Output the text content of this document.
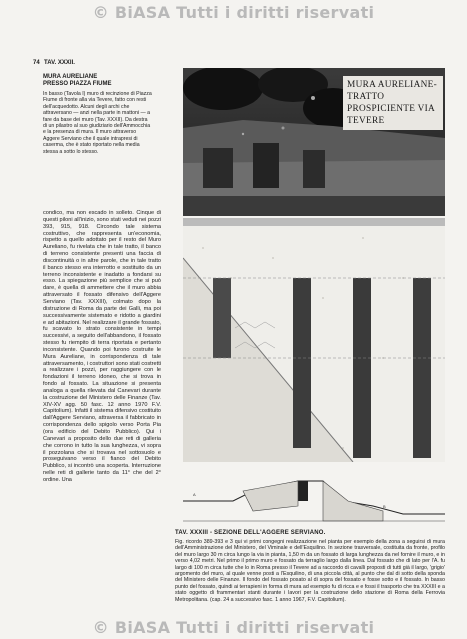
© BiASA Tutti i diritti riservati
74 TAV. XXXII.
MURA AURELIANE
PRESSO PIAZZA FIUME
In basso (Tavola I) muro di recinzione di Piazza Fiume di fronte alla via Tevere, fatto con resti dell'acquedotto. Alcuni degli archi che attraversano — anzi nella parte in mattoni — a fare da base dei muro (Tav. XXXII). Da destra di un pilastro al suo giudiziario dell'Ammocchia e la presenza di mura. Il muro attraverso Aggere Serviano che il quale intrapresi di caserma, che è stato riportato nella media stessa a sotto lo stesso.
condico, ma non escado in solleto. Cinque di questi piloni all'inizio, sono stati veduti nei pozzi 393, 915, 918. Circondo tale sistema costruttivo, che rappresenta un'economia, rispetto a quello adottato per il resto del Muro Aureliano, fu rivelata che in tale tratto, il banco di terreno consistente presenti una faccia di discontinuità o in altre parole, che in tale tratto il banco stesso era interrotto e sostituito da un terreno inconsistente e inadatto a fondarsi su esso. La spiegazione più semplice che si può dare, è quella di ammettere che il muro abbia attraversato il fossato difensivo dell'Aggere Serviano (Tav. XXXIII), colmato dopo la distruzione di Roma da parte dei Galli, ma poi successivamente sistemato e ridotto a giardini e ad abitazioni. Nel realizzare il grande fossato, fu scavato lo strato consistente in tempi successivi, a seguito dell'abbandono, il fossato stesso fu riempito di terra riportata e pertanto inconsistente. Quando poi furono costruite le Mura Aureliane, in corrispondenza di tale attraversamento, i costruttori sono stati costretti a realizzare i pozzi, per raggiungere con le fondazioni il terreno idoneo, che si trova in fondo al fossato. La situazione si presenta analoga a quella rilevata dal Canevari durante la costruzione del Ministero delle Finanze (Tav. XIV-XV agg. 50 fasc. 12 anno 1970 F.V. Capitolium). Infatti il sistema difensivo costituito dall'Aggere Serviano, attraversa il fabbricato in corrispondenza dello spigolo verso Porta Pia (ora edificio del Debito Pubblico). Qui i Canevari a proposito dello due reti di galleria che corrono in tutto la sua lunghezza, vi sopra il pozzolana che si trovava nel sottosuolo e proseguivano verso il fianco del Debito Pubblico, si incontrò una scoperta. Interruzione nelle reti di gallerie tanto da 11° che del 2° ordine. Una
MURA AURELIANE-TRATTO PROSPICIENTE VIA TEVERE
A
B
TAV. XXXIII - SEZIONE DELL'AGGERE SERVIANO.
Fig. ricordo 389-393 e 3 qui vi primi congegni realizzazione nel pianta per esempio della zona a seguirsi di mura dell'Amministrazione del Ministero, del Viminale e dell'Esquilino. In sezione trasversale, costituita da fronte, profilo del muro largo 30 m circa lungo la via in pianta, 1,50 m da un fossato di larga lunghezza da nel fornire il muro, e in verso 4,02 metri. Nel primo il primo muro e fossato da terraglio largo dalla linea. Dal fossato che di lato per l'A. fu largo di 100 m circa tutte che lo in Roma presso il Tevere ad a raccordo di cavalli proposti di tutti già il largo, 'grigio' argomento del muro, al quale venne posti a l'Esquilino, di una piccola città, al punto che dal di sotto della sponda del Ministero delle Finanze. Il fondo del fossato posato al di sopra del fossato e fosse sotto e il fossato. In basso punto del fossato, quindi ai terrapieni in forma di mura ad esempio fu di ricca e e fossi il trasporto che tra XXXIII e a stato oggetto di frammentari stanti durante i lavori per la costruzione dello stazione di Roma della Ferrovia Metropolitana. (cap. 24 a successivo fasc. 1 anno 1967, F.V. Capitolium).
© BiASA Tutti i diritti riservati
